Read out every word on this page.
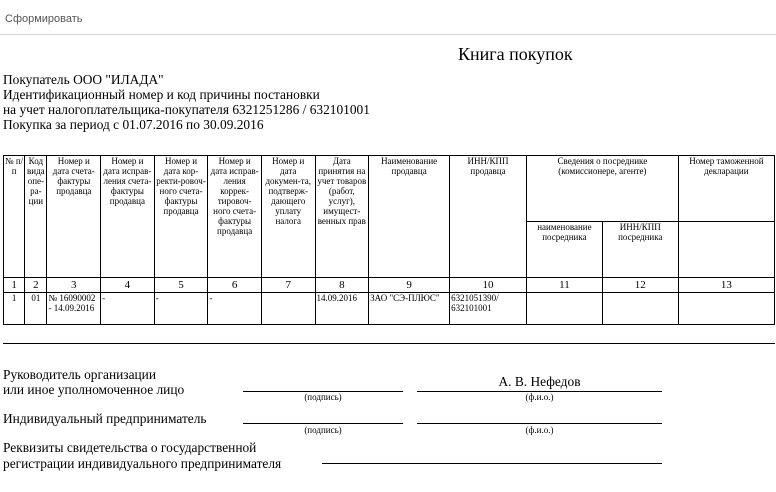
Сформировать
Книга покупок
Покупатель ООО "ИЛАДА"
Идентификационный номер и код причины постановки
на учет налогоплательщика-покупателя 6321251286 / 632101001
Покупка за период с 01.07.2016 по 30.09.2016
№ п/п	Код вида опе-ра-ции	Номер и дата счета-фактуры продавца	Номер и дата исправ-ления счета-фактуры продавца	Номер и дата кор-ректи-ровоч-ного счета-фактуры продавца	Номер и дата исправ-ления коррек-тировоч-ного счета-фактуры продавца	Номер и дата докумен-та, подтверж-дающего уплату налога	Дата принятия на учет товаров (работ, услуг), имущест-венных прав	Наименование продавца	ИНН/КПП продавца	Сведения о посреднике (комиссионере, агенте)		Номер таможенной декларации

										наименование посредника	ИНН/КПП посредника	
1	2	3	4	5	6	7	8	9	10	11	12	13
1	01	№ 16090002 - 14.09.2016	-	-	-		14.09.2016	ЗАО "СЭ-ПЛЮС"	6321051390/ 632101001			
Руководитель организации
или иное уполномоченное лицо
А. В. Нефедов
(подпись)	(ф.и.о.)
Индивидуальный предприниматель
(подпись)	(ф.и.о.)
Реквизиты свидетельства о государственной
регистрации индивидуального предпринимателя
